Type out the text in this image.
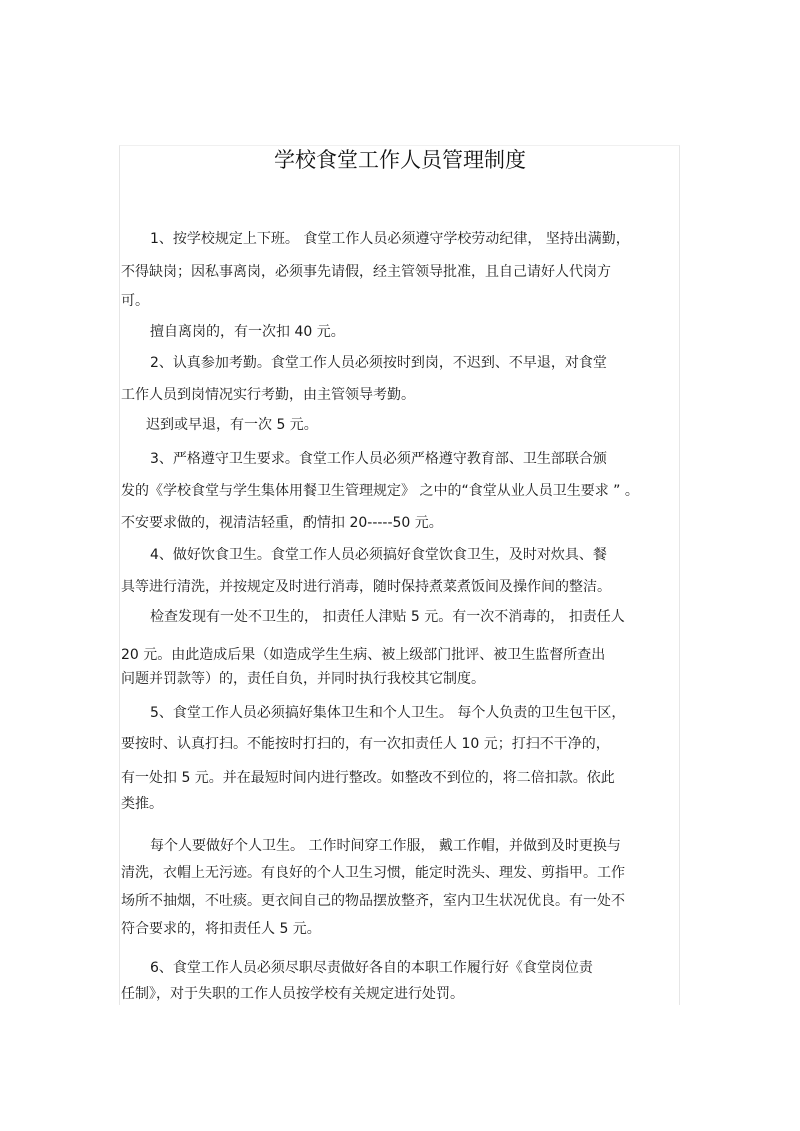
学校食堂工作人员管理制度
1、按学校规定上下班。 食堂工作人员必须遵守学校劳动纪律， 坚持出满勤，
不得缺岗；因私事离岗，必须事先请假，经主管领导批准，且自己请好人代岗方
可。
擅自离岗的，有一次扣 40 元。
2、认真参加考勤。食堂工作人员必须按时到岗，不迟到、不早退，对食堂
工作人员到岗情况实行考勤，由主管领导考勤。
迟到或早退，有一次 5 元。
3、严格遵守卫生要求。食堂工作人员必须严格遵守教育部、卫生部联合颁
发的《学校食堂与学生集体用餐卫生管理规定》 之中的“食堂从业人员卫生要求 ” 。
不安要求做的，视清洁轻重，酌情扣 20-----50 元。
4、做好饮食卫生。食堂工作人员必须搞好食堂饮食卫生，及时对炊具、餐
具等进行清洗，并按规定及时进行消毒，随时保持煮菜煮饭间及操作间的整洁。
检查发现有一处不卫生的， 扣责任人津贴 5 元。有一次不消毒的， 扣责任人
20 元。由此造成后果（如造成学生生病、被上级部门批评、被卫生监督所查出
问题并罚款等）的，责任自负，并同时执行我校其它制度。
5、食堂工作人员必须搞好集体卫生和个人卫生。 每个人负责的卫生包干区，
要按时、认真打扫。不能按时打扫的，有一次扣责任人 10 元；打扫不干净的，
有一处扣 5 元。并在最短时间内进行整改。如整改不到位的，将二倍扣款。依此
类推。
每个人要做好个人卫生。 工作时间穿工作服， 戴工作帽，并做到及时更换与
清洗，衣帽上无污迹。有良好的个人卫生习惯，能定时洗头、理发、剪指甲。工作
场所不抽烟，不吐痰。更衣间自己的物品摆放整齐，室内卫生状况优良。有一处不
符合要求的，将扣责任人 5 元。
6、食堂工作人员必须尽职尽责做好各自的本职工作履行好《食堂岗位责
任制》，对于失职的工作人员按学校有关规定进行处罚。
